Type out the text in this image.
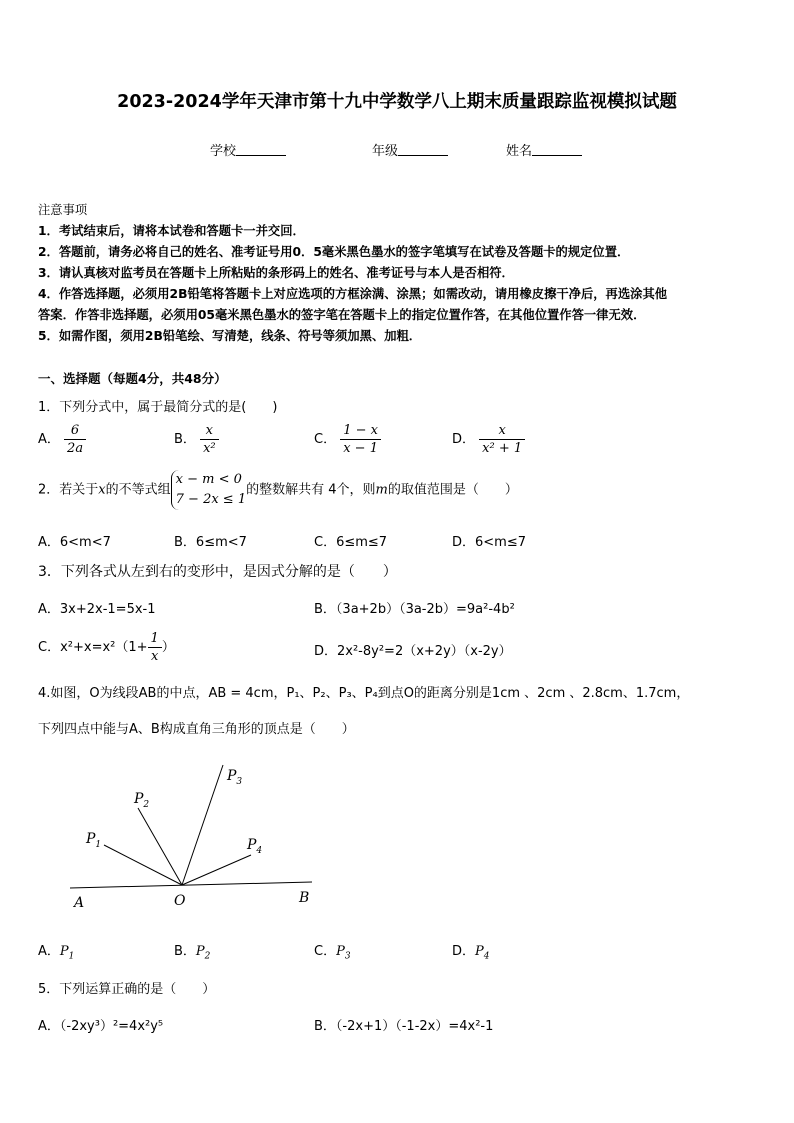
2023-2024学年天津市第十九中学数学八上期末质量跟踪监视模拟试题
学校	年级	姓名
注意事项
1．考试结束后，请将本试卷和答题卡一并交回．
2．答题前，请务必将自己的姓名、准考证号用0．5毫米黑色墨水的签字笔填写在试卷及答题卡的规定位置．
3．请认真核对监考员在答题卡上所粘贴的条形码上的姓名、准考证号与本人是否相符．
4．作答选择题，必须用2B铅笔将答题卡上对应选项的方框涂满、涂黑；如需改动，请用橡皮擦干净后，再选涂其他
答案．作答非选择题，必须用05毫米黑色墨水的签字笔在答题卡上的指定位置作答，在其他位置作答一律无效．
5．如需作图，须用2B铅笔绘、写清楚，线条、符号等须加黑、加粗．
一、选择题（每题4分，共48分）
1．下列分式中，属于最简分式的是(　　)
A． $\frac{6}{2a}$	B． $\frac{x}{\text{x²}}$	C． $\frac{1 - x}{x - 1}$	D． $\frac{x}{\text{x² + 1}}$
2．若关于x的不等式组
x − m < 0
7 − 2x ≤ 1
的整数解共有 4个，则m的取值范围是（　　）
A．6<m<7	B．6≤m<7	C．6≤m≤7	D．6<m≤7
3．下列各式从左到右的变形中，是因式分解的是（　　）
A．3x+2x-1=5x-1	B．（3a+2b）（3a-2b）=9a²-4b²
C．$x^2+x=x^2(1+ \frac{1}{x}$ ）	D．2x²-8y²=2（x+2y）（x-2y）
4.如图，O为线段AB的中点，AB = 4cm，P₁、P₂、P₃、P₄到点O的距离分别是1cm 、2cm 、2.8cm、1.7cm，
下列四点中能与A、B构成直角三角形的顶点是（　　）
$P_1$
$P_2$
$P_3$
$P_4$
A	O	B
A．$P_1$	B．$P_2$	C．$P_3$	D．$P_4$
5．下列运算正确的是（　　）
A．（-2xy³）²=4x²y⁵	B．（-2x+1）（-1-2x）=4x²-1
